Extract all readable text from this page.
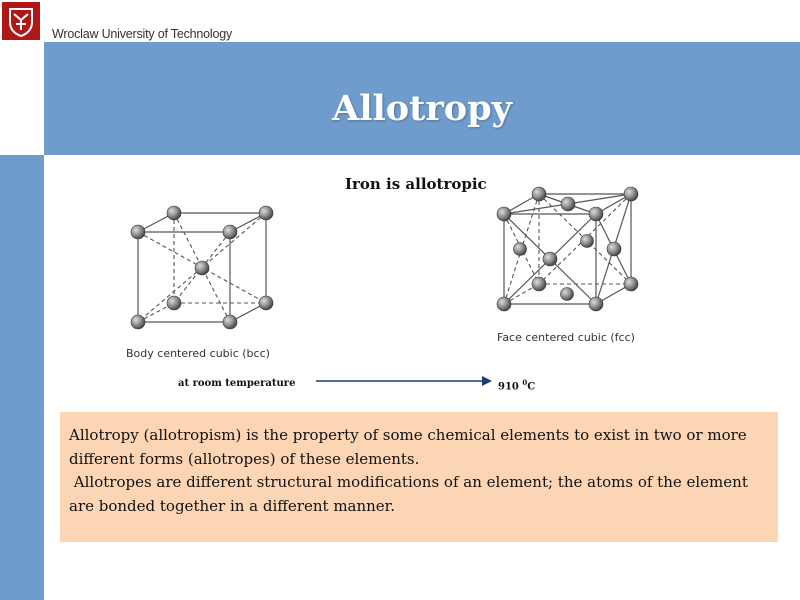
Wroclaw University of Technology
Allotropy
Iron is allotropic
Body centered cubic (bcc)
Face centered cubic (fcc)
at room temperature	910 $^0$C

Allotropy (allotropism) is the property of some chemical elements to exist in two or more different forms (allotropes) of these elements.

Allotropes are different structural modifications of an element; the atoms of the element are bonded together in a different manner.
